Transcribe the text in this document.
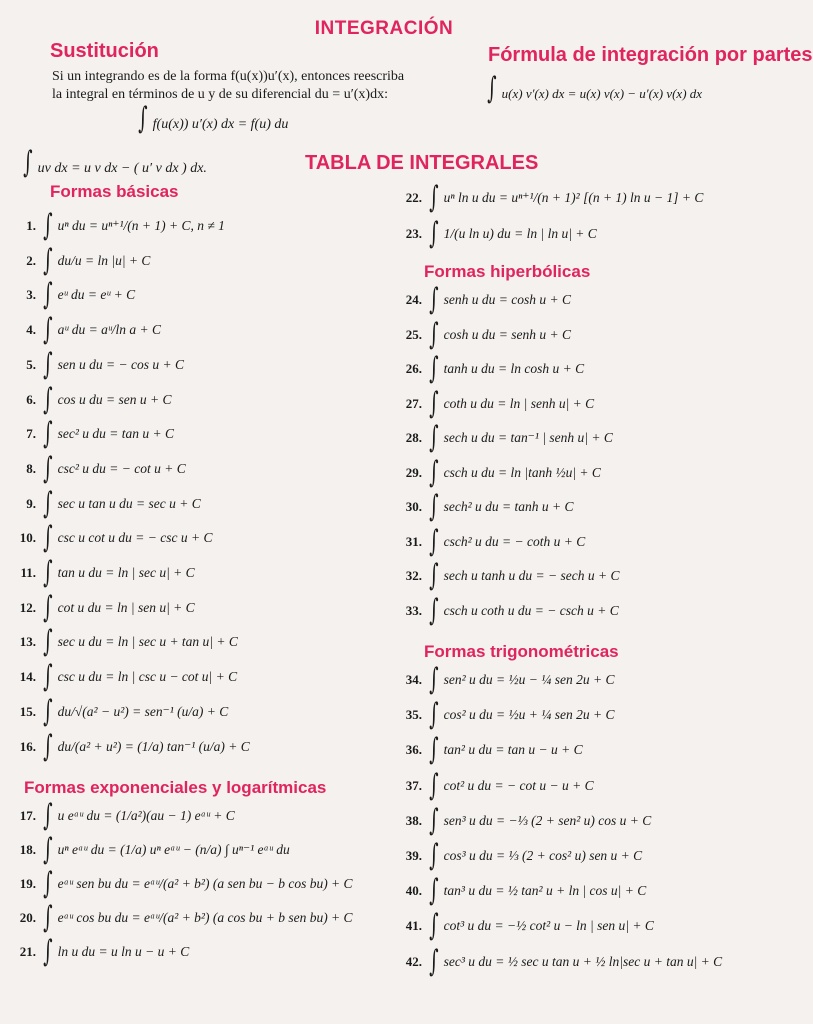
INTEGRACIÓN
Sustitución
Si un integrando es de la forma f(u(x))u′(x), entonces reescriba
la integral en términos de u y de su diferencial du = u′(x)dx:
∫ f(u(x)) u′(x) dx = f(u) du
∫ uv dx = u v dx − ( u′ v dx ) dx.
Fórmula de integración por partes
∫ u(x) v′(x) dx = u(x) v(x) − u′(x) v(x) dx
TABLA DE INTEGRALES
Formas básicas
1. ∫ uⁿ du = uⁿ⁺¹/(n + 1) + C, n ≠ 1
2. ∫ du/u = ln |u| + C
3. ∫ eᵘ du = eᵘ + C
4. ∫ aᵘ du = aᵘ/ln a + C
5. ∫ sen u du = − cos u + C
6. ∫ cos u du = sen u + C
7. ∫ sec² u du = tan u + C
8. ∫ csc² u du = − cot u + C
9. ∫ sec u tan u du = sec u + C
10. ∫ csc u cot u du = − csc u + C
11. ∫ tan u du = ln | sec u| + C
12. ∫ cot u du = ln | sen u| + C
13. ∫ sec u du = ln | sec u + tan u| + C
14. ∫ csc u du = ln | csc u − cot u| + C
15. ∫ du/√(a² − u²) = sen⁻¹ (u/a) + C
16. ∫ du/(a² + u²) = (1/a) tan⁻¹ (u/a) + C
Formas exponenciales y logarítmicas
17. ∫ u eᵃᵘ du = (1/a²)(au − 1) eᵃᵘ + C
18. ∫ uⁿ eᵃᵘ du = (1/a) uⁿ eᵃᵘ − (n/a) ∫ uⁿ⁻¹ eᵃᵘ du
19. ∫ eᵃᵘ sen bu du = eᵃᵘ/(a² + b²) (a sen bu − b cos bu) + C
20. ∫ eᵃᵘ cos bu du = eᵃᵘ/(a² + b²) (a cos bu + b sen bu) + C
21. ∫ ln u du = u ln u − u + C
22. ∫ uⁿ ln u du = uⁿ⁺¹/(n + 1)² [(n + 1) ln u − 1] + C
23. ∫ 1/(u ln u) du = ln | ln u| + C
Formas hiperbólicas
24. ∫ senh u du = cosh u + C
25. ∫ cosh u du = senh u + C
26. ∫ tanh u du = ln cosh u + C
27. ∫ coth u du = ln | senh u| + C
28. ∫ sech u du = tan⁻¹ | senh u| + C
29. ∫ csch u du = ln |tanh ½u| + C
30. ∫ sech² u du = tanh u + C
31. ∫ csch² u du = − coth u + C
32. ∫ sech u tanh u du = − sech u + C
33. ∫ csch u coth u du = − csch u + C
Formas trigonométricas
34. ∫ sen² u du = ½u − ¼ sen 2u + C
35. ∫ cos² u du = ½u + ¼ sen 2u + C
36. ∫ tan² u du = tan u − u + C
37. ∫ cot² u du = − cot u − u + C
38. ∫ sen³ u du = −⅓ (2 + sen² u) cos u + C
39. ∫ cos³ u du = ⅓ (2 + cos² u) sen u + C
40. ∫ tan³ u du = ½ tan² u + ln | cos u| + C
41. ∫ cot³ u du = −½ cot² u − ln | sen u| + C
42. ∫ sec³ u du = ½ sec u tan u + ½ ln|sec u + tan u| + C
